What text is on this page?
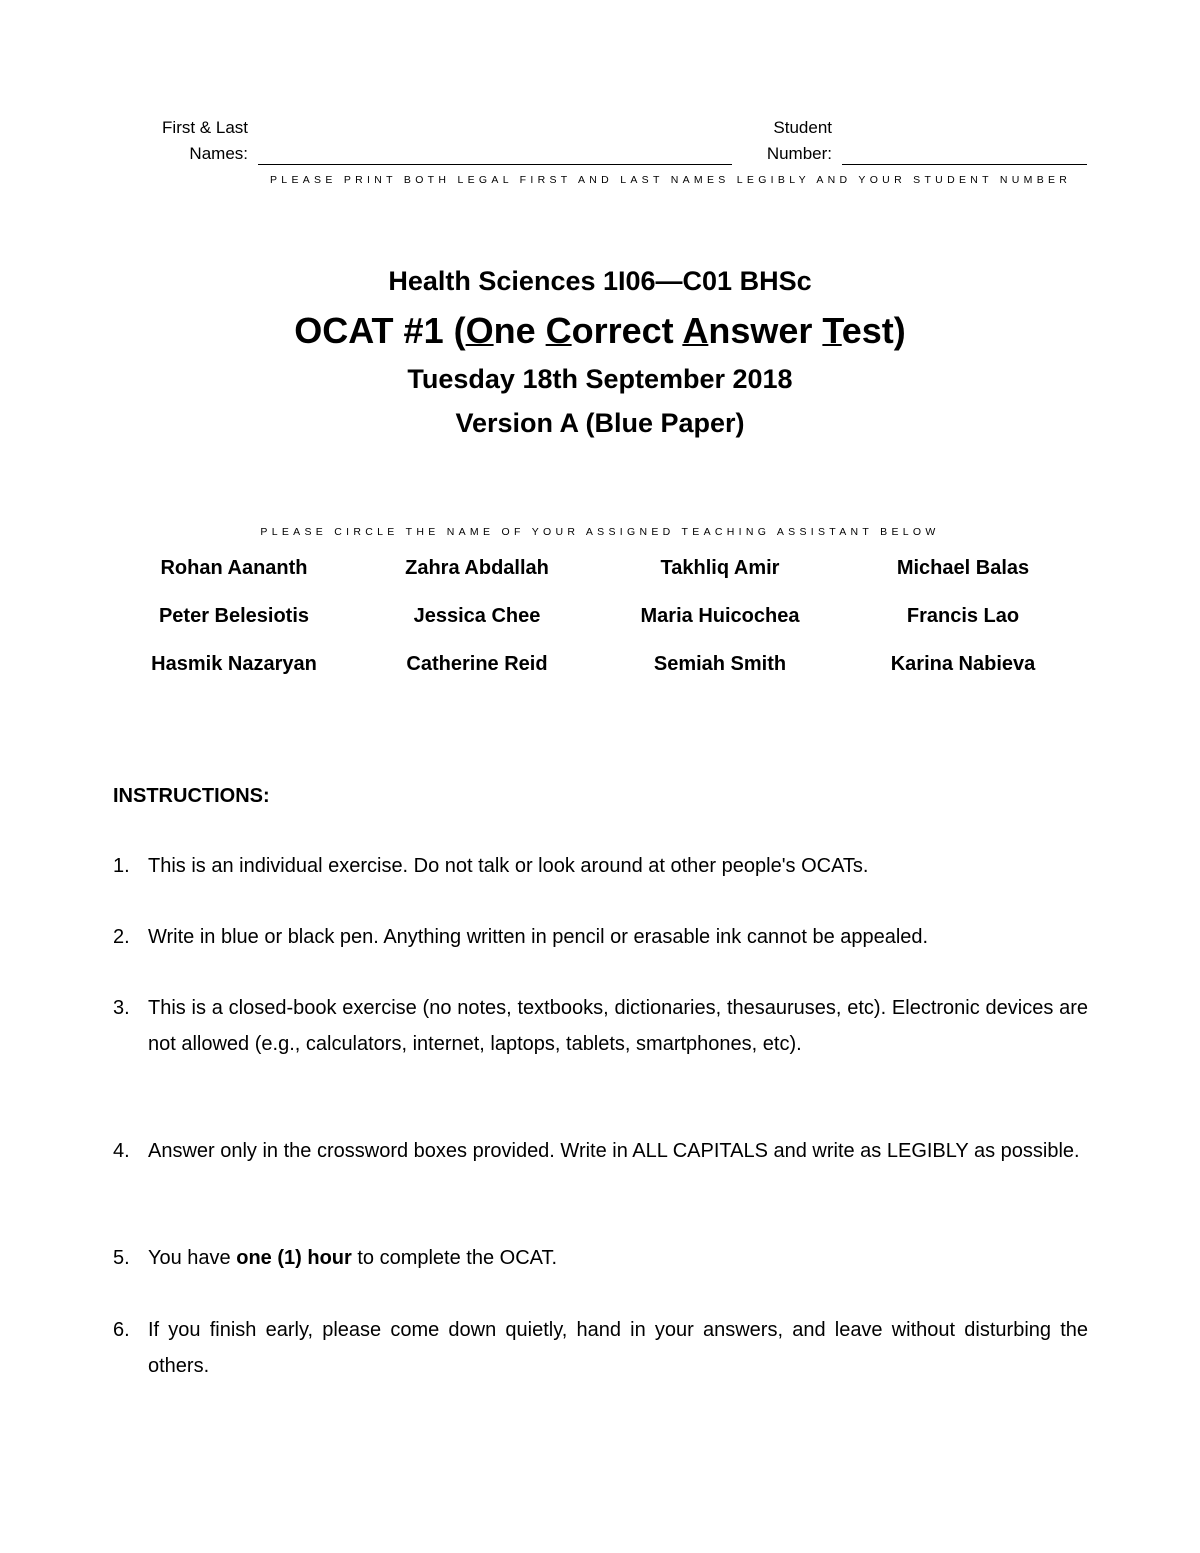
First & Last
Names:
Student
Number:
PLEASE PRINT BOTH LEGAL FIRST AND LAST NAMES LEGIBLY AND YOUR STUDENT NUMBER
Health Sciences 1I06—C01 BHSc
OCAT #1 (One Correct Answer Test)
Tuesday 18th September 2018
Version A (Blue Paper)
PLEASE CIRCLE THE NAME OF YOUR ASSIGNED TEACHING ASSISTANT BELOW
Rohan Aananth	Zahra Abdallah	Takhliq Amir	Michael Balas
Peter Belesiotis	Jessica Chee	Maria Huicochea	Francis Lao
Hasmik Nazaryan	Catherine Reid	Semiah Smith	Karina Nabieva
INSTRUCTIONS:
1. This is an individual exercise. Do not talk or look around at other people's OCATs.
2. Write in blue or black pen. Anything written in pencil or erasable ink cannot be appealed.
3. This is a closed-book exercise (no notes, textbooks, dictionaries, thesauruses, etc). Electronic devices are not allowed (e.g., calculators, internet, laptops, tablets, smartphones, etc).
4. Answer only in the crossword boxes provided. Write in ALL CAPITALS and write as LEGIBLY as possible.
5. You have one (1) hour to complete the OCAT.
6. If you finish early, please come down quietly, hand in your answers, and leave without disturbing the others.
